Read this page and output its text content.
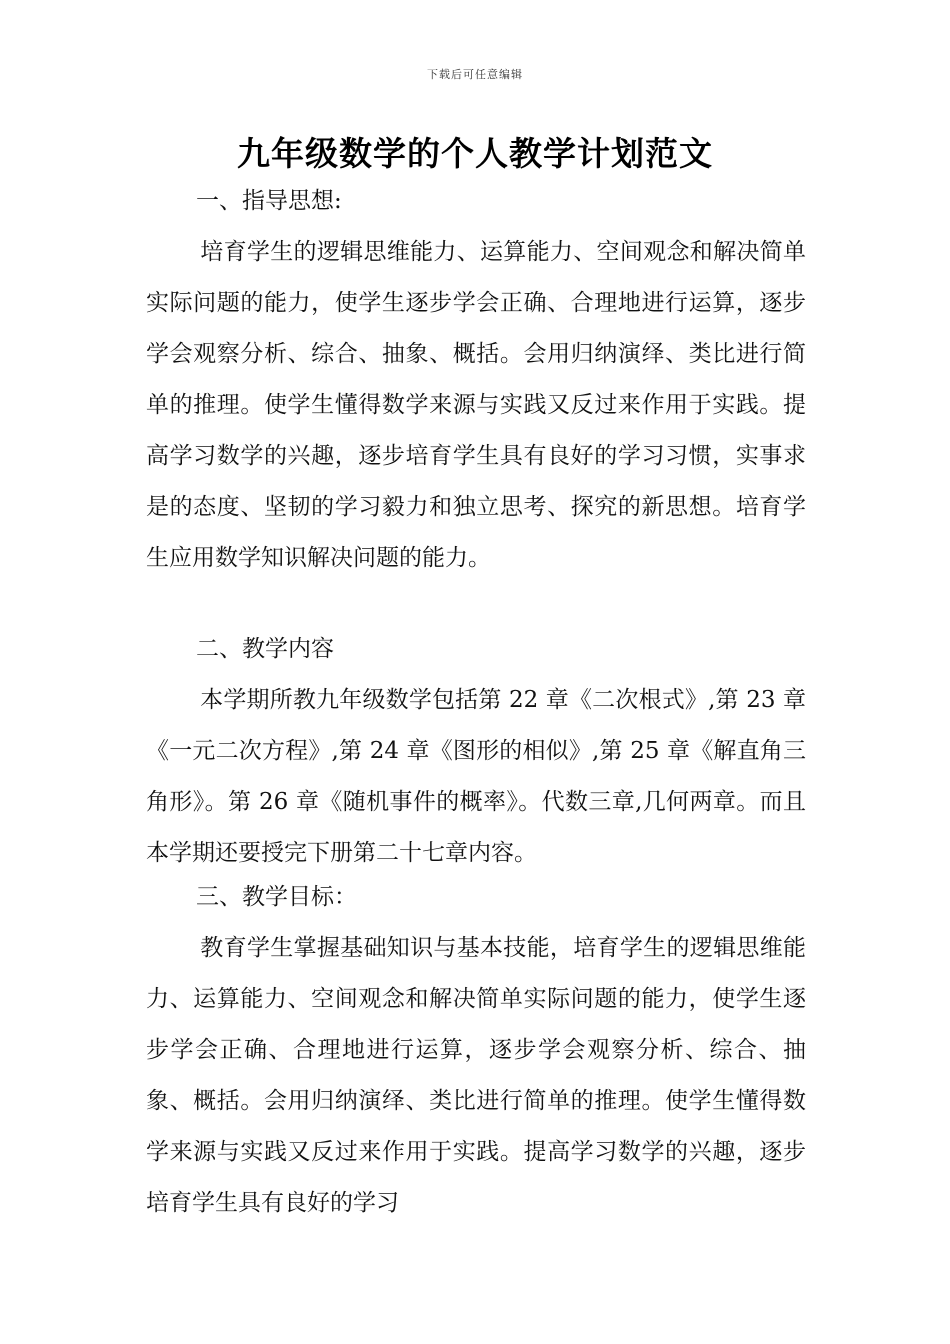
下载后可任意编辑
九年级数学的个人教学计划范文
一、指导思想:
培育学生的逻辑思维能力、运算能力、空间观念和解决简单实际问题的能力，使学生逐步学会正确、合理地进行运算，逐步学会观察分析、综合、抽象、概括。会用归纳演绎、类比进行简单的推理。使学生懂得数学来源与实践又反过来作用于实践。提高学习数学的兴趣，逐步培育学生具有良好的学习习惯，实事求是的态度、坚韧的学习毅力和独立思考、探究的新思想。培育学生应用数学知识解决问题的能力。
二、教学内容
本学期所教九年级数学包括第 22 章《二次根式》,第 23 章《一元二次方程》,第 24 章《图形的相似》,第 25 章《解直角三角形》。第 26 章《随机事件的概率》。代数三章,几何两章。而且本学期还要授完下册第二十七章内容。
三、教学目标：
教育学生掌握基础知识与基本技能，培育学生的逻辑思维能力、运算能力、空间观念和解决简单实际问题的能力，使学生逐步学会正确、合理地进行运算，逐步学会观察分析、综合、抽象、概括。会用归纳演绎、类比进行简单的推理。使学生懂得数学来源与实践又反过来作用于实践。提高学习数学的兴趣，逐步培育学生具有良好的学习
